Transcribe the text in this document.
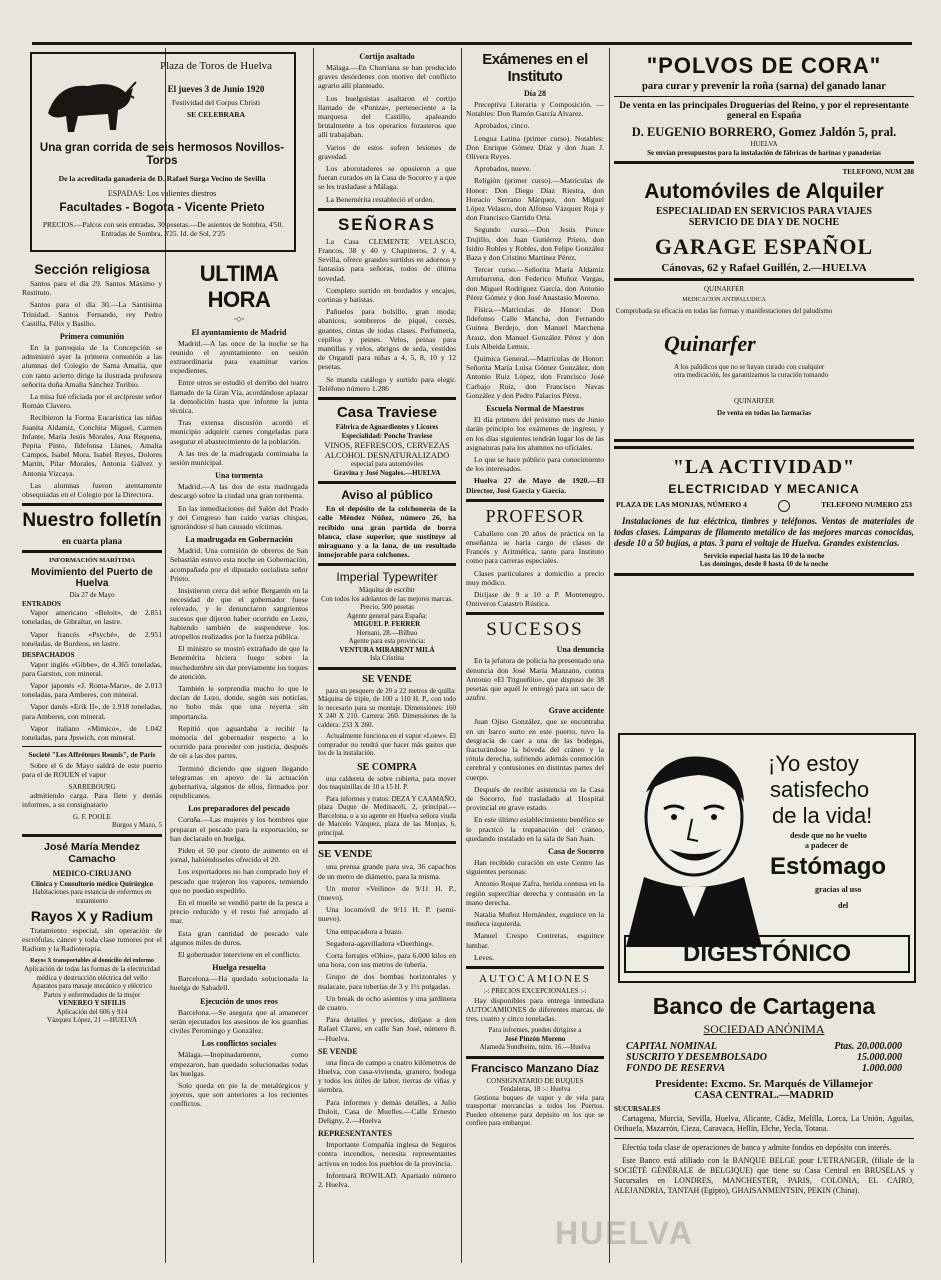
Plaza de Toros de Huelva
El jueves 3 de Junio 1920
Festividad del Corpus Christi
SE CELEBRARA
Una gran corrida de seis hermosos Novillos-Toros
De la acreditada ganadería de D. Rafael Surga Vecino de Sevilla
ESPADAS: Los valientes diestros
Facultades - Bogota - Vicente Prieto
PRECIOS.—Palcos con seis entradas, 30 pesetas.—De asientos de Sombra, 4'50. Entradas de Sombra, 3'25. Id. de Sol, 2'25
Sección religiosa

Santos para el día 29. Santos Máximo y Restituto.

Santos para el día 30.—La Santísima Trinidad. Santos Fernando, rey Pedro Castilla, Félix y Basilio.

Primera comunión

En la parroquia de la Concepción se administró ayer la primera comunión a las alumnas del Colegio de Santa Amalia, que con tanto acierto dirige la ilustrada profesora señorita doña Amalia Sánchez Toribio.

La misa fué oficiada por el arcipreste señor Román Clavero.

Recibieron la Forma Eucarística las niñas Juanita Aldamiz, Conchita Miguel, Carmen Infante, María Jesús Morales, Ana Requena, Pepita Pinto, Ildefonsa Llanes, Amalia Campos, Isabel Mora, Isabel Reyes, Dolores Martín, Pilar Morales, Antonia Gálvez y Antonia Vizcaya.

Las alumnas fueron atentamente obsequiadas en el Colegio por la Directora.

Nuestro folletín
en cuarta plana
INFORMACIÓN MARÍTIMA
Movimiento del Puerto de Huelva
Día 27 de Mayo
ENTRADOS

Vapor americano «Beloit», de 2.851 toneladas, de Gibraltar, en lastre.

Vapor francés «Psyché», de 2.951 toneladas, de Burdeos, en lastre.

DESPACHADOS

Vapor inglés «Gibbe», de 4.365 toneladas, para Garston, con mineral.

Vapor japonés «J. Roma-Maru», de 2.013 toneladas, para Amberes, con mineral.

Vapor danés «Erik II», de 1.918 toneladas, para Amberes, con mineral.

Vapor italiano «Mimico», de 1.042 toneladas, para Jpswich, con mineral.

Societé "Les Affréteurs Reunis", de Paris

Sobre el 6 de Mayo saldrá de este puerto para el de ROUEN el vapor

SARREBOURG

admitiendo carga. Para flete y demás informes, a su consignatario

G. F. POOLE
Burgos y Mazo, 5
José María Mendez Camacho
MEDICO-CIRUJANO
Clínica y Consultorio médico Quirúrgico
Habitaciones para estancia de enfermos en tratamiento
Rayos X y Radium

Tratamiento especial, sin operación de escrófulas, cáncer y toda clase tumores por el Radium y la Radioterapia.

Rayos X transportables al domicilio del enfermo
Aplicación de todas las formas de la electricidad médica y destrucción eléctrica del vello
Aparatos para masaje mecánico y eléctrico
Partos y enfermedades de la mujer
VENEREO Y SIFILIS
Aplicación del 606 y 914
Vázquez López, 21 —HUELVA
ULTIMA HORA
◦◇◦
El ayuntamiento de Madrid

Madrid.—A las once de la noche se ha reunido el ayuntamiento en sesión extraordinaria para examinar varios expedientes.

Entre otros se estudió el derribo del teatro llamado de la Gran Vía, acordándose aplazar la demolición hasta que informe la junta técnica.

Tras extensa discusión acordó el municipio adquirir carnes congeladas para asegurar el abastecimiento de la población.

A las tres de la madrugada continuaba la sesión municipal.

Una tormenta

Madrid.—A las dos de esta madrugada descargó sobre la ciudad una gran tormenta.

En las inmediaciones del Salón del Prado y del Congreso han caído varias chispas, ignorándose si han causado víctimas.

La madrugada en Gobernación

Madrid. Una comisión de obreros de San Sebastián estuvo esta noche en Gobernación, acompañada por el diputado socialista señor Prieto.

Insistieron cerca del señor Bergamín en la necesidad de que el gobernador fuese relevado, y le denunciaron sangrientos sucesos que dijeron haber ocurrido en Lezo, habiendo también de suspenderse los atropellos realizados por la fuerza pública.

El ministro se mostró extrañado de que la Benemérita hiciera fuego sobre la muchedumbre sin dar previamente los toques de atención.

También le sorprendía mucho lo que le decían de Lezo, donde, según sus noticias, no hubo más que una reyerta sin importancia.

Repitió que aguardaba a recibir la memoria del gobernador respecto a lo ocurrido para proceder con justicia, después de oír a las dos partes.

Terminó diciendo que siguen llegando telegramas en apoyo de la actuación gubernativa, algunos de ellos, firmados por republicanos.

Los preparadores del pescado

Coruña.—Las mujeres y los hombres que preparan el pescado para la exportación, se han declarado en huelga.

Piden el 50 por ciento de aumento en el jornal, habiéndoseles ofrecido el 20.

Los exportadores no han comprado hoy el pescado que trajeron los vapores, temiendo que no puedan expedirlo.

En el muelle se vendió parte de la pesca a precio reducido y el resto fué arrojado al mar.

Esta gran cantidad de pescado vale algunos miles de duros.

El gobernador interviene en el conflicto.

Huelga resuelta

Barcelona.—Ha quedado solucionada la huelga de Sabadell.

Ejecución de unos reos

Barcelona.—Se asegura que al amanecer serán ejecutados los asesinos de los guardias civiles Peromingo y González.

Los conflictos sociales

Málaga.—Inopinadamente, como empezaron, han quedado solucionadas todas las huelgas.

Solo queda en pie la de metalúrgicos y joyeros, que son anteriores a los recientes conflictos.

Cortijo asaltado

Málaga.—En Churriana se han producido graves desórdenes con motivo del conflicto agrario allí planteado.

Los huelguistas asaltaron el cortijo llamado de «Puniza», perteneciente a la marquesa del Castillo, apaleando brutalmente a los operarios forasteros que allí trabajaban.

Varios de estos sufren lesiones de gravedad.

Los aborotadores se opusieron a que fueran curados en la Casa de Socorro y a que se les trasladase a Málaga.

La Benemérita restableció el orden.

SEÑORAS

La Casa CLEMENTE VELASCO, Francos, 38 y 40 y Chapineros, 2 y 4, Sevilla, ofrece grandes surtidos en adornos y fantasías para señoras, todos de última novedad.

Completo surtido en bordados y encajes, cortinas y batistas.

Pañuelos para bolsillo, gran moda; abanicos, sombreros de piqué, corsés, guantes, cintas de todas clases. Perfumería, cepillos y peines. Velos, peinas para mantillas y velos, abrigos de seda, vestidos de Organdí para niñas a 4, 5, 8, 10 y 12 pesetas.

Se manda catálogo y surtido para elegir. Teléfono número 1.286

Casa Traviese
Fábrica de Aguardientes y Licores
Especialidad: Ponche Traviese
VINOS, REFRESCOS, CERVEZAS
ALCOHOL DESNATURALIZADO
especial para automóviles
Gravina y José Nogales.—HUELVA
Aviso al público

En el depósito de la colchonería de la calle Méndez Núñez, número 26, ha recibido una gran partida de borra blanca, clase superior, que sustituye al miraguano y a la lana, de un resultado inmejorable para colchones.

Imperial Typewriter
Máquina de escribir
Con todos los adelantos de las mejores marcas.
Precio, 500 pesetas
Agente general para España:
MIGUEL P. FERRER
Hernani, 28.—Bilbao
Agente para esta provincia:
VENTURA MIRABENT MILÁ
Isla Cristina
SE VENDE

para un pesquero de 20 a 22 metros de quilla: Máquina de triple, de 100 a 110 H. P., con todo lo necesario para su montaje. Dimensiones: 160 X 240 X 210. Carrera: 260. Dimensiones de la caldera: 233 X 260.

Actualmente funciona en el vapor «Loew». El comprador no tendrá que hacer más gastos que los de la instalación.

SE COMPRA

una caldereta de sobre cubierta, para mover dos maquinillas de 10 a 15 H. P.

Para informes y tratos: DEZA Y CAAMAÑO, plaza Duque de Medinaceli, 2, principal.—Barcelona, o a su agente en Huelva señora viuda de Marcelo Vázquez, plaza de las Monjas, 6, principal.

SE VENDE

una prensa grande para uva, 36 capachos de un metro de diámetro, para la misma.

Un motor «Veilino» de 9/11 H. P., (nuevo).

Una locomóvil de 9/11 H. P. (semi-nuevo).

Una empacadora a brazo.

Segadora-agavilladora «Deerhing».

Corta forrajes «Ohio», para 6.000 kilos en una hora, con sus metros de tubería.

Grupo de dos bombas horizontales y malacate, para tuberías de 3 y 1½ pulgadas.

Un break de ocho asientos y una jardinera de cuatro.

Para detalles y precios, diríjase a don Rafael Clares, en calle San José, número 8.—Huelva.

SE VENDE

una finca de campo a cuatro kilómetros de Huelva, con casa-vivienda, granero, bodega y todos los útiles de labor, tierras de viñas y siembra.

Para informes y demás detalles, a Julio Duloit, Casa de Muelles.—Calle Ernesto Deligny, 2.—Huelva

REPRESENTANTES

Importante Compañía inglesa de Seguros contra incendios, necesita representantes activos en todos los pueblos de la provincia.

Informará ROWILAD. Apartado número 2. Huelva.

Exámenes en el Instituto
Día 28

Preceptiva Literaria y Composición. —Notables: Don Ramón García Alvarez.

Aprobados, cinco.

Lengua Latina (primer curso). Notables: Don Enrique Gómez Díaz y don Juan J. Olivera Reyes.

Aprobados, nueve.

Religión (primer curso).—Matrículas de Honor: Don Diego Díaz Riestra, don Horacio Serrano Márquez, don Miguel López Velasco, don Alfonso Vázquez Roja y don Francisco Garrido Orta.

Segundo curso.—Don Jesús Ponce Trujillo, don Juan Gutiérrez Prieto, don Isidro Robles y Robles, don Felipe González Baza y don Cristino Martínez Pérez.

Tercer curso.—Señorita María Aldamiz Arrubarrena, don Federico Muñoz Vargas, don Miguel Rodríguez García, don Antonio Pérez Gómez y don José Anastasio Moreno.

Física.—Matrículas de Honor: Don Ildefonso Calle Mancha, don Fernando Guinea Berdejo, don Manuel Marchena Arauz, don Manuel González Pérez y don Luis Albeida Lemus.

Química General.—Matrículas de Honor: Señorita María Luisa Gómez González, don Antonio Ruiz López, don Francisco José Carbajo Ruiz, don Francisco Navas González y don Pedro Palacios Pérez.

Escuela Normal de Maestros

El día primero del próximo mes de Junio darán principio los exámenes de ingreso, y en los días siguientes tendrán lugar los de las asignaturas para los alumnos no oficiales.

Lo que se hace público para conocimiento de los interesados.

Huelva 27 de Mayo de 1920.—El Director, José García y García.

PROFESOR

Caballero con 20 años de práctica en la enseñanza se haría cargo de clases de Francés y Aritmética, tanto para Instituto como para carreras especiales.

Clases particulares a domicilio a precio muy módico.

Diríjase de 9 a 10 a P. Montenegro. Ontiveros Catastro Rústica.

SUCESOS
Una denuncia

En la jefatura de policía ha presentado una denuncia don José María Manzano, contra Antonio «El Trigueñito», que dispuso de 38 pesetas que aquél le entregó para un saco de azufre.

Grave accidente

Juan Ojiso González, que se encontraba en un barco surto en este puerto, tuvo la desgracia de caer a una de las bodegas, fracturándose la bóveda del cráneo y la rótula derecha, sufriendo además conmoción cerebral y contusiones en distintas partes del cuerpo.

Después de recibir asistencia en la Casa de Socorro, fué trasladado al Hospital provincial en grave estado.

En este último establecimiento benéfico se le practicó la trepanación del cráneo, quedando instalado en la sala de San Juan.

Casa de Socorro

Han recibido curación en este Centro las siguientes personas:

Antonio Roque Zafra, herida contusa en la región superciliar derecha y contusión en la mano derecha.

Natalia Muñoz Hernández, esguince en la muñeca izquierda.

Manuel Crespo Contreras, esguince lumbar.

Leves.

AUTOCAMIONES
:-: PRECIOS EXCEPCIONALES :-:

Hay disponibles para entrega inmediata AUTOCAMIONES de diferentes marcas, de tres, cuatro y cinco toneladas.

Para informes, pueden dirigirse a
José Pinzón Moreno
Alameda Sundheim, núm. 16.—Huelva
Francisco Manzano Díaz
CONSIGNATARIO DE BUQUES
Tendaleras, 18 :-: Huelva

Gestiona buques de vapor y de vela para transportar mercancías a todos los Puertos. Pueden obtenerse para depósito en los que se confíen para embarque.

"POLVOS DE CORA"
para curar y prevenir la roña (sarna) del ganado lanar
De venta en las principales Droguerías del Reino, y por el representante general en España
D. EUGENIO BORRERO, Gomez Jaldón 5, pral.
HUELVA
Se envían presupuestos para la instalación de fábricas de harinas y panaderías
TELEFONO, NUM 288
Automóviles de Alquiler
ESPECIALIDAD EN SERVICIOS PARA VIAJES
SERVICIO DE DIA Y DE NOCHE
GARAGE ESPAÑOL
Cánovas, 62 y Rafael Guillén, 2.—HUELVA
QUINARFER
MEDICACION ANTIPALUDICA
Comprobada su eficacia en todas las formas y manifestaciones del paludismo
Quinarfer
A los palúdicos que no se hayan curado con cualquier otra medicación, les garantizamos la curación tomando
QUINARFER
De venta en todas las farmacias
"LA ACTIVIDAD"
ELECTRICIDAD Y MECANICA
PLAZA DE LAS MONJAS, NÚMERO 4	TELEFONO NUMERO 253

Instalaciones de luz eléctrica, timbres y teléfonos. Ventas de materiales de todas clases. Lámparas de filamento metálico de las mejores marcas conocidas, desde 10 a 50 bujías, a ptas. 3 para el voltaje de Huelva. Grandes existencias.

Servicio especial hasta las 10 de la noche
Los domingos, desde 8 hasta 10 de la noche
¡Yo estoy
satisfecho
de la vida!
desde que no he vuelto
a padecer de
Estómago
gracias al uso
del
DIGESTÓNICO
Banco de Cartagena
SOCIEDAD ANÓNIMA
CAPITAL NOMINAL	Ptas. 20.000.000
SUSCRITO Y DESEMBOLSADO	15.000.000
FONDO DE RESERVA	1.000.000
Presidente: Excmo. Sr. Marqués de Villamejor
CASA CENTRAL.—MADRID
SUCURSALES

Cartagena, Murcia, Sevilla, Huelva, Alicante, Cádiz, Melilla, Lorca, La Unión, Aguilas, Orihuela, Mazarrón, Cieza, Caravaca, Hellín, Elche, Yecla, Totana.

Efectúa toda clase de operaciones de banca y admite fondos en depósito con interés.

Este Banco está afiliado con la BANQUE BELGE pour L'ETRANGER, (filiale de la SOCIÉTÉ GÉNÉRALE de BELGIQUE) que tiene su Casa Central en BRUSELAS y Sucursales en LONDRES, MANCHESTER, PARIS, COLONIA, EL CAIRO, ALEJANDRIA, TANTAH (Egipto), GHAISANMENTSIN, PEKIN (China).

HUELVA
